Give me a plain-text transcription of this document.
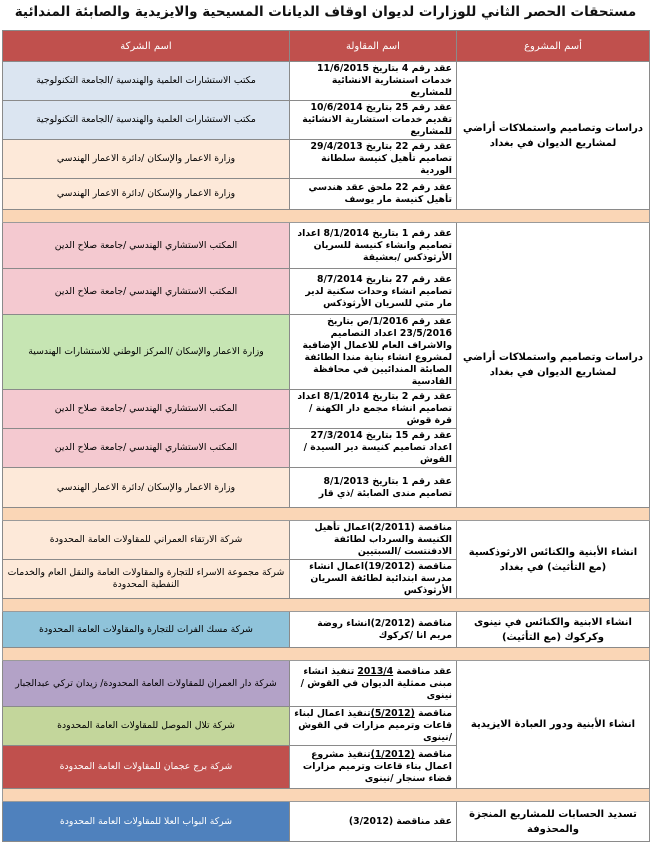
مستحقات الحصر الثاني للوزارات لديوان اوقاف الديانات المسيحية والايزيدية والصابئة المندائية
أسم المشروع	اسم المقاولة	اسم الشركة
دراسات وتصاميم واستملاكات أراضي لمشاريع الديوان في بغداد	عقد رقم 4 بتاريخ 11/6/2015 خدمات استشارية الانشائية للمشاريع	مكتب الاستشارات العلمية والهندسية /الجامعة التكنولوجية
	عقد رقم 25 بتاريخ 10/6/2014 تقديم خدمات استشارية الانشائية للمشاريع	مكتب الاستشارات العلمية والهندسية /الجامعة التكنولوجية
	عقد رقم 22 بتاريخ 29/4/2013 تصاميم تأهيل كنيسة سلطانة الوردية	وزارة الاعمار والإسكان /دائرة الاعمار الهندسي
	عقد رقم 22 ملحق عقد هندسي تأهيل كنيسة مار يوسف	وزارة الاعمار والإسكان /دائرة الاعمار الهندسي

دراسات وتصاميم واستملاكات أراضي لمشاريع الديوان في بغداد	عقد رقم 1 بتاريخ 8/1/2014 اعداد تصاميم وانشاء كنيسة للسريان الأرثوذكس /بعشيقة	المكتب الاستشاري الهندسي /جامعة صلاح الدين
	عقد رقم 27 بتاريخ 8/7/2014 تصاميم انشاء وحدات سكنية لدير مار متي للسريان الأرثوذكس	المكتب الاستشاري الهندسي /جامعة صلاح الدين
	عقد رقم 1/2016/ص بتاريخ 23/5/2016 اعداد التصاميم والاشراف العام للاعمال الإضافية لمشروع انشاء بناية مندا الطائفة الصابئة المندائيين في محافظة القادسية	وزارة الاعمار والإسكان /المركز الوطني للاستشارات الهندسية
	عقد رقم 2 بتاريخ 8/1/2014 اعداد تصاميم انشاء مجمع دار الكهنة /قرة قوش	المكتب الاستشاري الهندسي /جامعة صلاح الدين
	عقد رقم 15 بتاريخ 27/3/2014 اعداد تصاميم كنيسة دير السيدة /القوش	المكتب الاستشاري الهندسي /جامعة صلاح الدين
	عقد رقم 1 بتاريخ 8/1/2013 تصاميم مندى الصابئة /ذي قار	وزارة الاعمار والإسكان /دائرة الاعمار الهندسي

انشاء الأبنية والكنائس الارثوذكسية (مع التأثيث) في بغداد	مناقصة (2/2011)اعمال تأهيل الكنيسة والسرداب لطائفة الادفنتست /السبتيين	شركة الارتقاء العمراني للمقاولات العامة المحدودة
	مناقصة (19/2012)اعمال انشاء مدرسة ابتدائية لطائفة السريان الأرثوذكس	شركة مجموعة الاسراء للتجارة والمقاولات العامة والنقل العام والخدمات النفطية المحدودة

انشاء الابنية والكنائس في نينوى وكركوك (مع التأثيث)	مناقصة (2/2012)انشاء روضة مريم انا /كركوك	شركة مسك الفرات للتجارة والمقاولات العامة المحدودة

انشاء الأبنية ودور العبادة الايزيدية	عقد مناقصة 2013/4 تنفيذ انشاء مبنى ممثلية الديوان في القوش /نينوى	شركة دار العمران للمقاولات العامة المحدودة/ زيدان تركي عبدالجبار
	مناقصة (5/2012)تنفيذ اعمال لبناء قاعات وترميم مزارات في القوش /نينوى	شركة تلال الموصل للمقاولات العامة المحدودة
	مناقصة (1/2012)تنفيذ مشروع اعمال بناء قاعات وترميم مزارات قضاء سنجار /نينوى	شركة برج عجمان للمقاولات العامة المحدودة

تسديد الحسابات للمشاريع المنجزة والمحذوفة	عقد مناقصة (3/2012)	شركة البواب العلا للمقاولات العامة المحدودة
